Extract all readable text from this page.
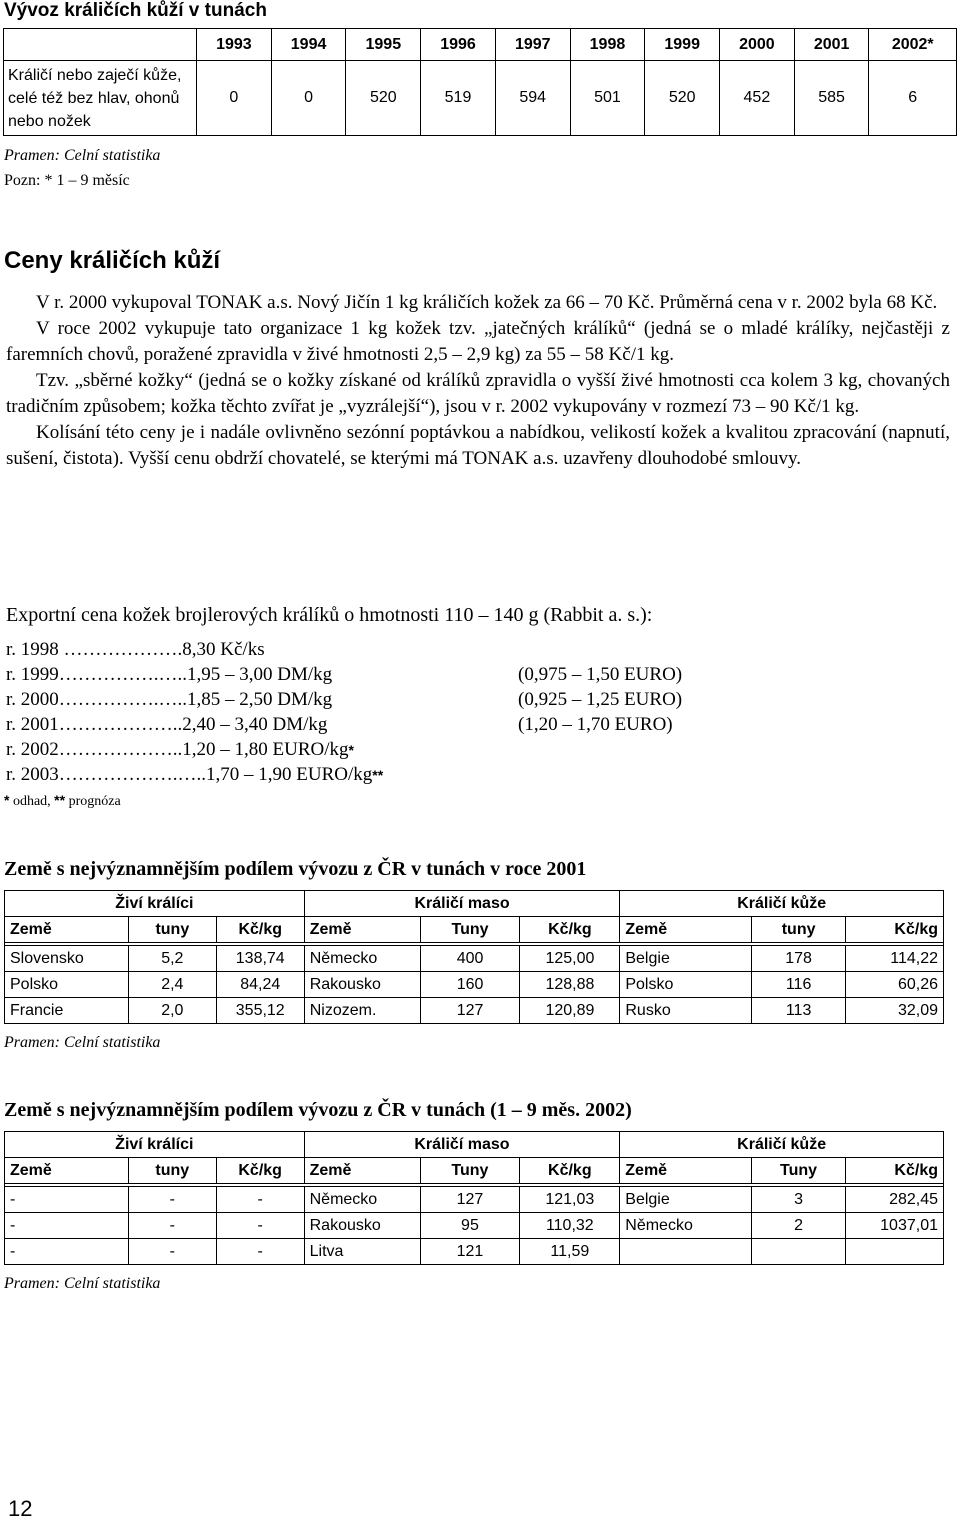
Vývoz králičích kůží v tunách
	1993	1994	1995	1996	1997	1998	1999	2000	2001	2002*
Králičí nebo zaječí kůže, celé též bez hlav, ohonů nebo nožek	0	0	520	519	594	501	520	452	585	6
Pramen: Celní statistika
Pozn: * 1 – 9 měsíc
Ceny králičích kůží

V r. 2000 vykupoval TONAK a.s. Nový Jičín 1 kg králičích kožek za 66 – 70 Kč. Průměrná cena v r. 2002 byla 68 Kč.

V roce 2002 vykupuje tato organizace 1 kg kožek tzv. „jatečných králíků“ (jedná se o mladé králíky, nejčastěji z faremních chovů, poražené zpravidla v živé hmotnosti 2,5 – 2,9 kg) za 55 – 58 Kč/1 kg.

Tzv. „sběrné kožky“ (jedná se o kožky získané od králíků zpravidla o vyšší živé hmotnosti cca kolem 3 kg, chovaných tradičním způsobem; kožka těchto zvířat je „vyzrálejší“), jsou v r. 2002 vykupovány v rozmezí 73 – 90 Kč/1 kg.

Kolísání této ceny je i nadále ovlivněno sezónní poptávkou a nabídkou, velikostí kožek a kvalitou zpracování (napnutí, sušení, čistota). Vyšší cenu obdrží chovatelé, se kterými má TONAK a.s. uzavřeny dlouhodobé smlouvy.

Exportní cena kožek brojlerových králíků o hmotnosti 110 – 140 g (Rabbit a. s.):
r. 1998 ……………….8,30 Kč/ks
r. 1999…………….…..1,95 – 3,00 DM/kg	(0,975 – 1,50 EURO)
r. 2000…………….…..1,85 – 2,50 DM/kg	(0,925 – 1,25 EURO)
r. 2001………………..2,40 – 3,40 DM/kg	(1,20 – 1,70 EURO)
r. 2002………………..1,20 – 1,80 EURO/kg*
r. 2003……………….…..1,70 – 1,90 EURO/kg**
* odhad, ** prognóza
Země s nejvýznamnějším podílem vývozu z ČR v tunách v roce 2001
Živí králíci			Králičí maso			Králičí kůže		
Země	tuny	Kč/kg	Země	Tuny	Kč/kg	Země	tuny	Kč/kg

Slovensko	5,2	138,74	Německo	400	125,00	Belgie	178	114,22
Polsko	2,4	84,24	Rakousko	160	128,88	Polsko	116	60,26
Francie	2,0	355,12	Nizozem.	127	120,89	Rusko	113	32,09
Pramen: Celní statistika
Země s nejvýznamnějším podílem vývozu z ČR v tunách (1 – 9 měs. 2002)
Živí králíci			Králičí maso			Králičí kůže		
Země	tuny	Kč/kg	Země	Tuny	Kč/kg	Země	Tuny	Kč/kg

-	-	-	Německo	127	121,03	Belgie	3	282,45
-	-	-	Rakousko	95	110,32	Německo	2	1037,01
-	-	-	Litva	121	11,59			
Pramen: Celní statistika
12
